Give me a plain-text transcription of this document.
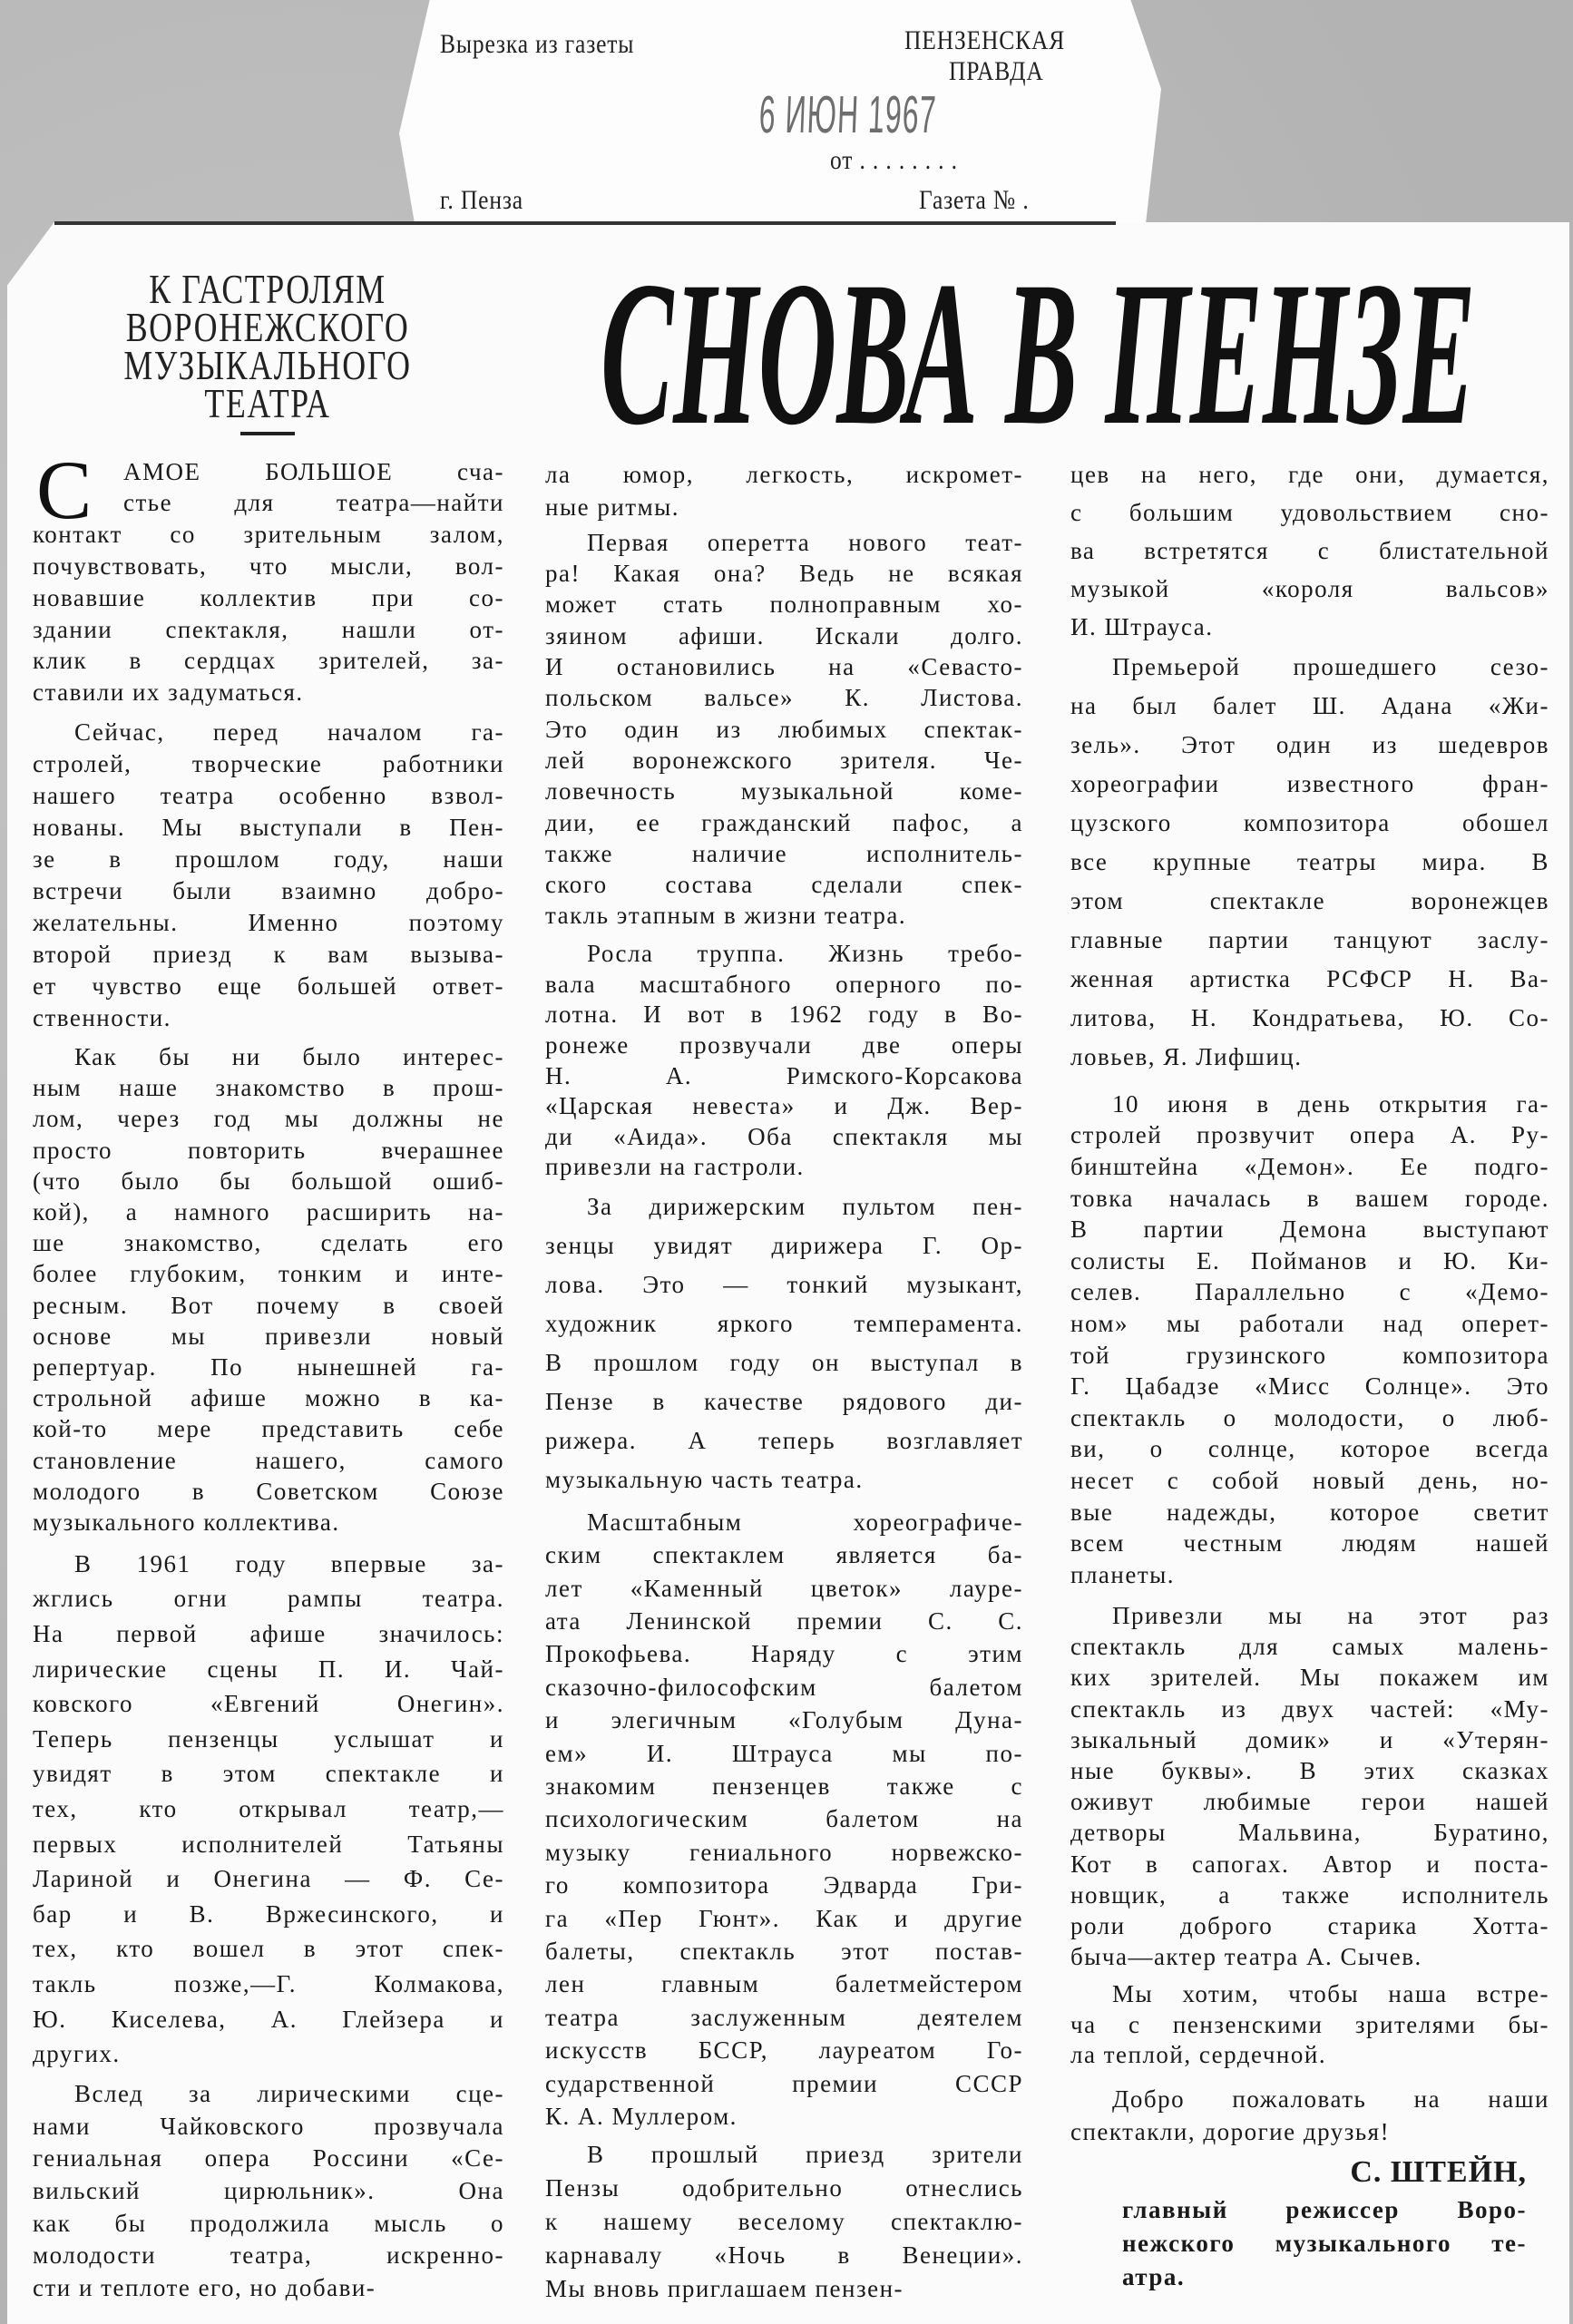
Вырезка из газеты	ПЕНЗЕНСКАЯ
ПРАВДА
6 ИЮН 1967
от . . . . . . . .
г. Пенза	Газета № .
К ГАСТРОЛЯМ
ВОРОНЕЖСКОГО
МУЗЫКАЛЬНОГО
ТЕАТРА	СНОВА В ПЕНЗЕ
АМОЕ БОЛЬШОЕ сча-
стье для театра—найти
контакт со зрительным залом,
почувствовать, что мысли, вол-
новавшие коллектив при со-
здании спектакля, нашли от-
клик в сердцах зрителей, за-
ставили их задуматься.
Сейчас, перед началом га-
стролей, творческие работники
нашего театра особенно взвол-
нованы. Мы выступали в Пен-
зе в прошлом году, наши
встречи были взаимно добро-
желательны. Именно поэтому
второй приезд к вам вызыва-
ет чувство еще большей ответ-
ственности.
Как бы ни было интерес-
ным наше знакомство в прош-
лом, через год мы должны не
просто повторить вчерашнее
(что было бы большой ошиб-
кой), а намного расширить на-
ше знакомство, сделать его
более глубоким, тонким и инте-
ресным. Вот почему в своей
основе мы привезли новый
репертуар. По нынешней га-
строльной афише можно в ка-
кой-то мере представить себе
становление нашего, самого
молодого в Советском Союзе
музыкального коллектива.
В 1961 году впервые за-
жглись огни рампы театра.
На первой афише значилось:
лирические сцены П. И. Чай-
ковского «Евгений Онегин».
Теперь пензенцы услышат и
увидят в этом спектакле и
тех, кто открывал театр,—
первых исполнителей Татьяны
Лариной и Онегина — Ф. Се-
бар и В. Вржесинского, и
тех, кто вошел в этот спек-
такль позже,—Г. Колмакова,
Ю. Киселева, А. Глейзера и
других.
Вслед за лирическими сце-
нами Чайковского прозвучала
гениальная опера Россини «Се-
вильский цирюльник». Она
как бы продолжила мысль о
молодости театра, искренно-
сти и теплоте его, но добави-
ла юмор, легкость, искромет-
ные ритмы.
Первая оперетта нового теат-
ра! Какая она? Ведь не всякая
может стать полноправным хо-
зяином афиши. Искали долго.
И остановились на «Севасто-
польском вальсе» К. Листова.
Это один из любимых спектак-
лей воронежского зрителя. Че-
ловечность музыкальной коме-
дии, ее гражданский пафос, а
также наличие исполнитель-
ского состава сделали спек-
такль этапным в жизни театра.
Росла труппа. Жизнь требо-
вала масштабного оперного по-
лотна. И вот в 1962 году в Во-
ронеже прозвучали две оперы
Н. А. Римского-Корсакова
«Царская невеста» и Дж. Вер-
ди «Аида». Оба спектакля мы
привезли на гастроли.
За дирижерским пультом пен-
зенцы увидят дирижера Г. Ор-
лова. Это — тонкий музыкант,
художник яркого темперамента.
В прошлом году он выступал в
Пензе в качестве рядового ди-
рижера. А теперь возглавляет
музыкальную часть театра.
Масштабным хореографиче-
ским спектаклем является ба-
лет «Каменный цветок» лауре-
ата Ленинской премии С. С.
Прокофьева. Наряду с этим
сказочно-философским балетом
и элегичным «Голубым Дуна-
ем» И. Штрауса мы по-
знакомим пензенцев также с
психологическим балетом на
музыку гениального норвежско-
го композитора Эдварда Гри-
га «Пер Гюнт». Как и другие
балеты, спектакль этот постав-
лен главным балетмейстером
театра заслуженным деятелем
искусств БССР, лауреатом Го-
сударственной премии СССР
К. А. Муллером.
В прошлый приезд зрители
Пензы одобрительно отнеслись
к нашему веселому спектаклю-
карнавалу «Ночь в Венеции».
Мы вновь приглашаем пензен-
цев на него, где они, думается,
с большим удовольствием сно-
ва встретятся с блистательной
музыкой «короля вальсов»
И. Штрауса.
Премьерой прошедшего сезо-
на был балет Ш. Адана «Жи-
зель». Этот один из шедевров
хореографии известного фран-
цузского композитора обошел
все крупные театры мира. В
этом спектакле воронежцев
главные партии танцуют заслу-
женная артистка РСФСР Н. Ва-
литова, Н. Кондратьева, Ю. Со-
ловьев, Я. Лифшиц.
10 июня в день открытия га-
стролей прозвучит опера А. Ру-
бинштейна «Демон». Ее подго-
товка началась в вашем городе.
В партии Демона выступают
солисты Е. Пойманов и Ю. Ки-
селев. Параллельно с «Демо-
ном» мы работали над оперет-
той грузинского композитора
Г. Цабадзе «Мисс Солнце». Это
спектакль о молодости, о люб-
ви, о солнце, которое всегда
несет с собой новый день, но-
вые надежды, которое светит
всем честным людям нашей
планеты.
Привезли мы на этот раз
спектакль для самых малень-
ких зрителей. Мы покажем им
спектакль из двух частей: «Му-
зыкальный домик» и «Утерян-
ные буквы». В этих сказках
оживут любимые герои нашей
детворы Мальвина, Буратино,
Кот в сапогах. Автор и поста-
новщик, а также исполнитель
роли доброго старика Хотта-
быча—актер театра А. Сычев.
Мы хотим, чтобы наша встре-
ча с пензенскими зрителями бы-
ла теплой, сердечной.
Добро пожаловать на наши
спектакли, дорогие друзья!
С
С. ШТЕЙН,
главный режиссер Воро-
нежского музыкального те-
атра.
